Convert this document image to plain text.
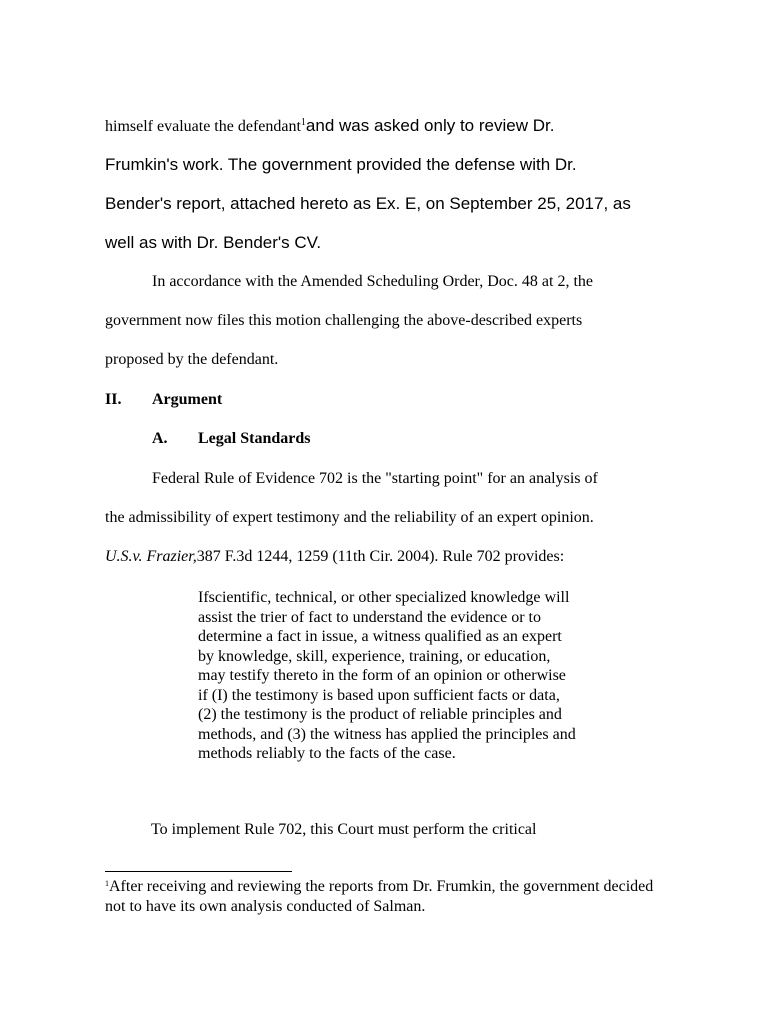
himself evaluate the defendant$^1$and was asked only to review Dr.
Frumkin's work. The government provided the defense with Dr.
Bender's report, attached hereto as Ex. E, on September 25, 2017, as
well as with Dr. Bender's CV.
In accordance with the Amended Scheduling Order, Doc. 48 at 2, the
government now files this motion challenging the above-described experts
proposed by the defendant.
II. Argument
A. Legal Standards
Federal Rule of Evidence 702 is the "starting point" for an analysis of
the admissibility of expert testimony and the reliability of an expert opinion.
U.S.v. Frazier,387 F.3d 1244, 1259 (11th Cir. 2004). Rule 702 provides:
Ifscientific, technical, or other specialized knowledge will assist the trier of fact to understand the evidence or to determine a fact in issue, a witness qualified as an expert by knowledge, skill, experience, training, or education, may testify thereto in the form of an opinion or otherwise if (I) the testimony is based upon sufficient facts or data, (2) the testimony is the product of reliable principles and methods, and (3) the witness has applied the principles and methods reliably to the facts of the case.
To implement Rule 702, this Court must perform the critical
$^1$After receiving and reviewing the reports from Dr. Frumkin, the government decided not to have its own analysis conducted of Salman.
